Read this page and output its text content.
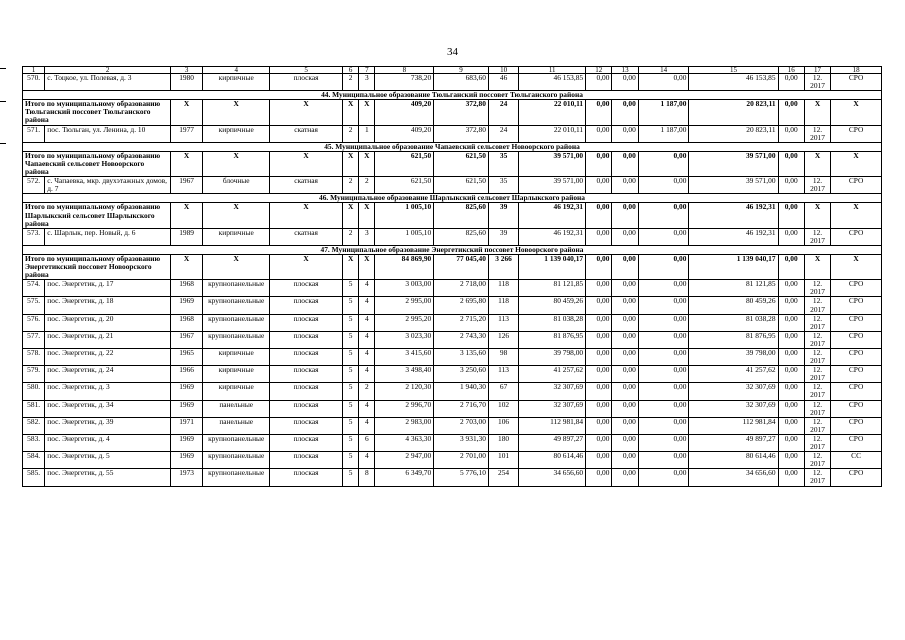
34
1	2	3	4	5	6	7	8	9	10	11	12	13	14	15	16	17	18
570.	с. Тоцкое, ул. Полевая, д. 3	1980	кирпичные	плоская	2	3	738,20	683,60	46	46 153,85	0,00	0,00	0,00	46 153,85	0,00	12. 2017	СРО
44. Муниципальное образование Тюльганский поссовет Тюльганского района																	
Итого по муниципальному образованию Тюльганский поссовет Тюльганского района		X	X	X	X	X	409,20	372,80	24	22 010,11	0,00	0,00	1 187,00	20 823,11	0,00	X	X
571.	пос. Тюльган, ул. Ленина, д. 10	1977	кирпичные	скатная	2	1	409,20	372,80	24	22 010,11	0,00	0,00	1 187,00	20 823,11	0,00	12. 2017	СРО
45. Муниципальное образование Чапаевский сельсовет Новоорского района																	
Итого по муниципальному образованию Чапаевский сельсовет Новоорского района		X	X	X	X	X	621,50	621,50	35	39 571,00	0,00	0,00	0,00	39 571,00	0,00	X	X
572.	с. Чапаевка, мкр. двухэтажных домов, д. 7	1967	блочные	скатная	2	2	621,50	621,50	35	39 571,00	0,00	0,00	0,00	39 571,00	0,00	12. 2017	СРО
46. Муниципальное образование Шарлыкский сельсовет Шарлыкского района																	
Итого по муниципальному образованию Шарлыкский сельсовет Шарлыкского района		X	X	X	X	X	1 005,10	825,60	39	46 192,31	0,00	0,00	0,00	46 192,31	0,00	X	X
573.	с. Шарлык, пер. Новый, д. 6	1989	кирпичные	скатная	2	3	1 005,10	825,60	39	46 192,31	0,00	0,00	0,00	46 192,31	0,00	12. 2017	СРО
47. Муниципальное образование Энергетикский поссовет Новоорского района																	
Итого по муниципальному образованию Энергетикский поссовет Новоорского района		X	X	X	X	X	84 869,90	77 045,40	3 266	1 139 040,17	0,00	0,00	0,00	1 139 040,17	0,00	X	X
574.	пос. Энергетик, д. 17	1968	крупнопанельные	плоская	5	4	3 003,00	2 718,00	118	81 121,85	0,00	0,00	0,00	81 121,85	0,00	12. 2017	СРО
575.	пос. Энергетик, д. 18	1969	крупнопанельные	плоская	5	4	2 995,00	2 695,80	118	80 459,26	0,00	0,00	0,00	80 459,26	0,00	12. 2017	СРО
576.	пос. Энергетик, д. 20	1968	крупнопанельные	плоская	5	4	2 995,20	2 715,20	113	81 038,28	0,00	0,00	0,00	81 038,28	0,00	12. 2017	СРО
577.	пос. Энергетик, д. 21	1967	крупнопанельные	плоская	5	4	3 023,30	2 743,30	126	81 876,95	0,00	0,00	0,00	81 876,95	0,00	12. 2017	СРО
578.	пос. Энергетик, д. 22	1965	кирпичные	плоская	5	4	3 415,60	3 135,60	98	39 798,00	0,00	0,00	0,00	39 798,00	0,00	12. 2017	СРО
579.	пос. Энергетик, д. 24	1966	кирпичные	плоская	5	4	3 498,40	3 250,60	113	41 257,62	0,00	0,00	0,00	41 257,62	0,00	12. 2017	СРО
580.	пос. Энергетик, д. 3	1969	кирпичные	плоская	5	2	2 120,30	1 940,30	67	32 307,69	0,00	0,00	0,00	32 307,69	0,00	12. 2017	СРО
581.	пос. Энергетик, д. 34	1969	панельные	плоская	5	4	2 996,70	2 716,70	102	32 307,69	0,00	0,00	0,00	32 307,69	0,00	12. 2017	СРО
582.	пос. Энергетик, д. 39	1971	панельные	плоская	5	4	2 983,00	2 703,00	106	112 981,84	0,00	0,00	0,00	112 981,84	0,00	12. 2017	СРО
583.	пос. Энергетик, д. 4	1969	крупнопанельные	плоская	5	6	4 363,30	3 931,30	180	49 897,27	0,00	0,00	0,00	49 897,27	0,00	12. 2017	СРО
584.	пос. Энергетик, д. 5	1969	крупнопанельные	плоская	5	4	2 947,00	2 701,00	101	80 614,46	0,00	0,00	0,00	80 614,46	0,00	12. 2017	СС
585.	пос. Энергетик, д. 55	1973	крупнопанельные	плоская	5	8	6 349,70	5 776,10	254	34 656,60	0,00	0,00	0,00	34 656,60	0,00	12. 2017	СРО
